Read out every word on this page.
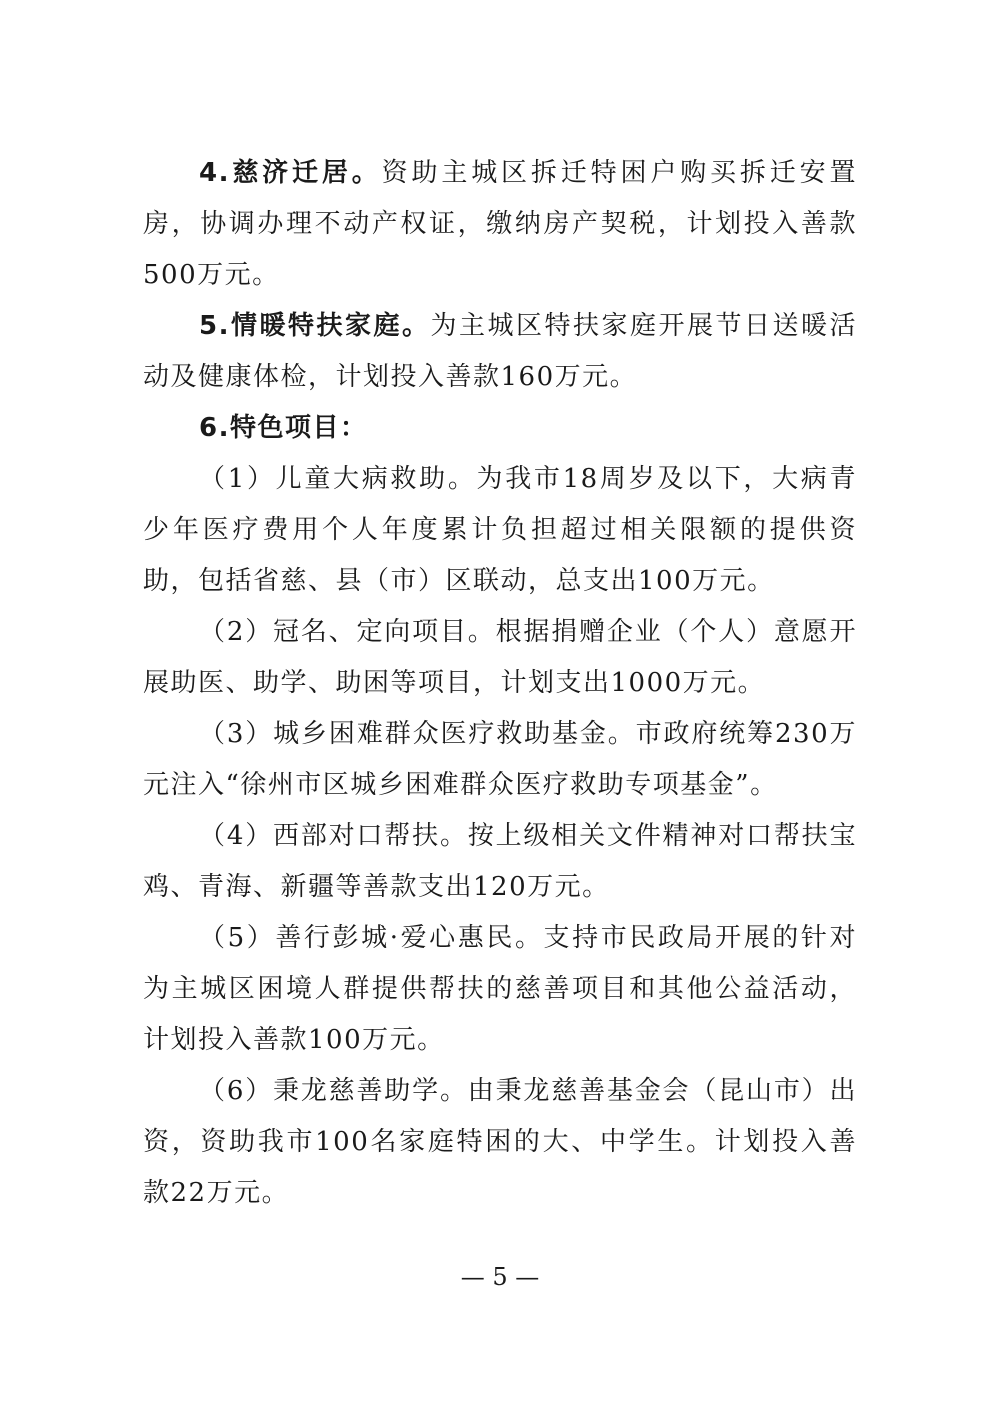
4.慈济迁居。资助主城区拆迁特困户购买拆迁安置房，协调办理不动产权证，缴纳房产契税，计划投入善款500万元。

5.情暖特扶家庭。为主城区特扶家庭开展节日送暖活动及健康体检，计划投入善款160万元。

6.特色项目：

（1）儿童大病救助。为我市18周岁及以下，大病青少年医疗费用个人年度累计负担超过相关限额的提供资助，包括省慈、县（市）区联动，总支出100万元。

（2）冠名、定向项目。根据捐赠企业（个人）意愿开展助医、助学、助困等项目，计划支出1000万元。

（3）城乡困难群众医疗救助基金。市政府统筹230万元注入“徐州市区城乡困难群众医疗救助专项基金”。

（4）西部对口帮扶。按上级相关文件精神对口帮扶宝鸡、青海、新疆等善款支出120万元。

（5）善行彭城·爱心惠民。支持市民政局开展的针对为主城区困境人群提供帮扶的慈善项目和其他公益活动，计划投入善款100万元。

（6）秉龙慈善助学。由秉龙慈善基金会（昆山市）出资，资助我市100名家庭特困的大、中学生。计划投入善款22万元。

— 5 —
